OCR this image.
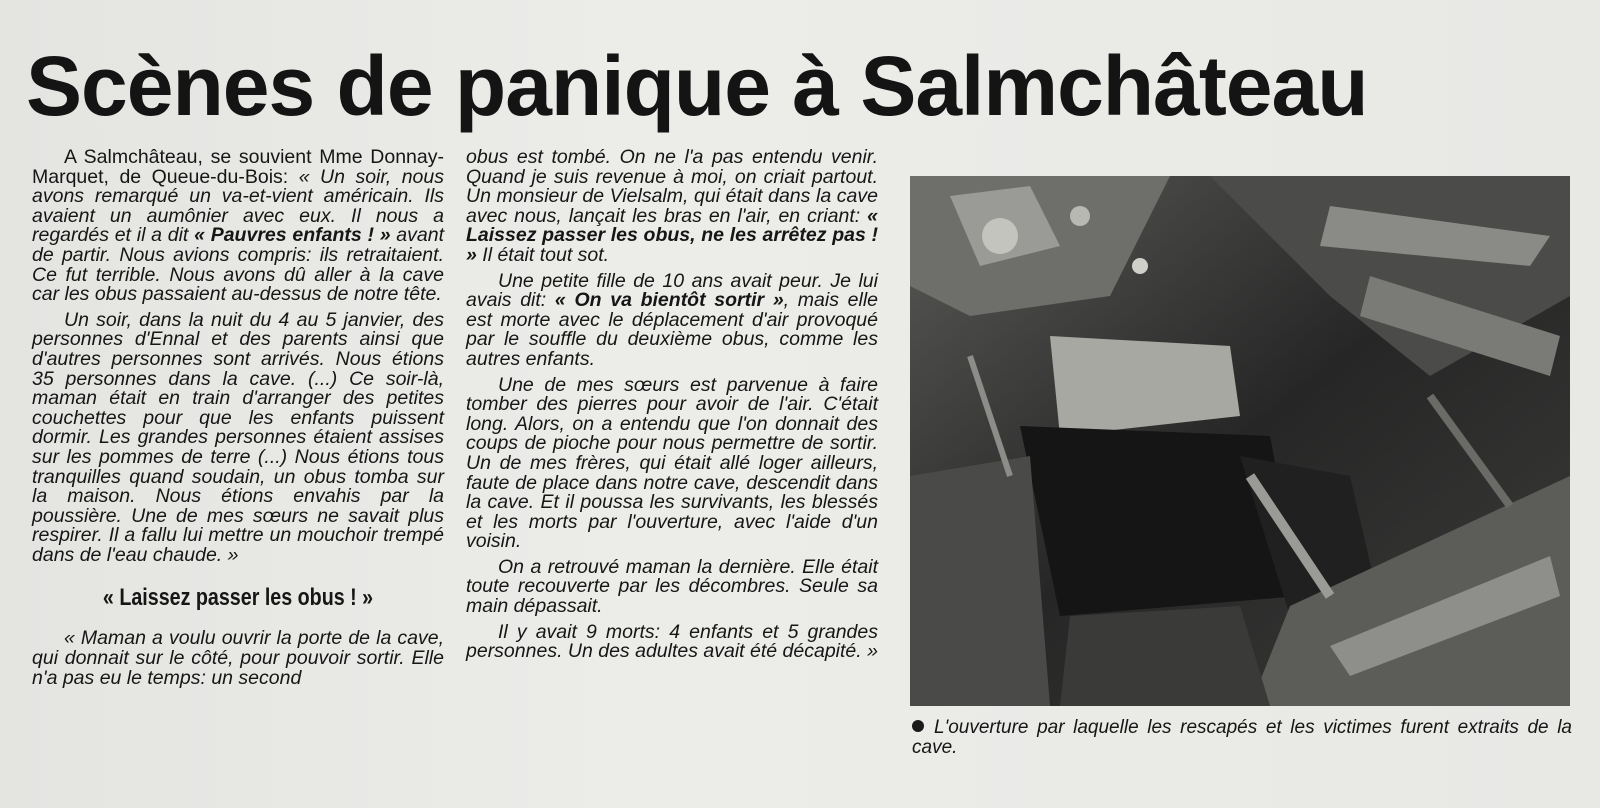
Scènes de panique à Salmchâteau

A Salmchâteau, se souvient Mme Donnay-Marquet, de Queue-du-Bois: « Un soir, nous avons remarqué un va-et-vient américain. Ils avaient un aumônier avec eux. Il nous a regardés et il a dit « Pauvres enfants ! » avant de partir. Nous avions compris: ils retraitaient. Ce fut terrible. Nous avons dû aller à la cave car les obus passaient au-dessus de notre tête.

Un soir, dans la nuit du 4 au 5 janvier, des personnes d'Ennal et des parents ainsi que d'autres personnes sont arrivés. Nous étions 35 personnes dans la cave. (...) Ce soir-là, maman était en train d'arranger des petites couchettes pour que les enfants puissent dormir. Les grandes personnes étaient assises sur les pommes de terre (...) Nous étions tous tranquilles quand soudain, un obus tomba sur la maison. Nous étions envahis par la poussière. Une de mes sœurs ne savait plus respirer. Il a fallu lui mettre un mouchoir trempé dans de l'eau chaude. »

« Laissez passer les obus ! »

« Maman a voulu ouvrir la porte de la cave, qui donnait sur le côté, pour pouvoir sortir. Elle n'a pas eu le temps: un second

obus est tombé. On ne l'a pas entendu venir. Quand je suis revenue à moi, on criait partout. Un monsieur de Vielsalm, qui était dans la cave avec nous, lançait les bras en l'air, en criant: « Laissez passer les obus, ne les arrêtez pas ! » Il était tout sot.

Une petite fille de 10 ans avait peur. Je lui avais dit: « On va bientôt sortir », mais elle est morte avec le déplacement d'air provoqué par le souffle du deuxième obus, comme les autres enfants.

Une de mes sœurs est parvenue à faire tomber des pierres pour avoir de l'air. C'était long. Alors, on a entendu que l'on donnait des coups de pioche pour nous permettre de sortir. Un de mes frères, qui était allé loger ailleurs, faute de place dans notre cave, descendit dans la cave. Et il poussa les survivants, les blessés et les morts par l'ouverture, avec l'aide d'un voisin.

On a retrouvé maman la dernière. Elle était toute recouverte par les décombres. Seule sa main dépassait.

Il y avait 9 morts: 4 enfants et 5 grandes personnes. Un des adultes avait été décapité. »

L'ouverture par laquelle les rescapés et les victimes furent extraits de la cave.
